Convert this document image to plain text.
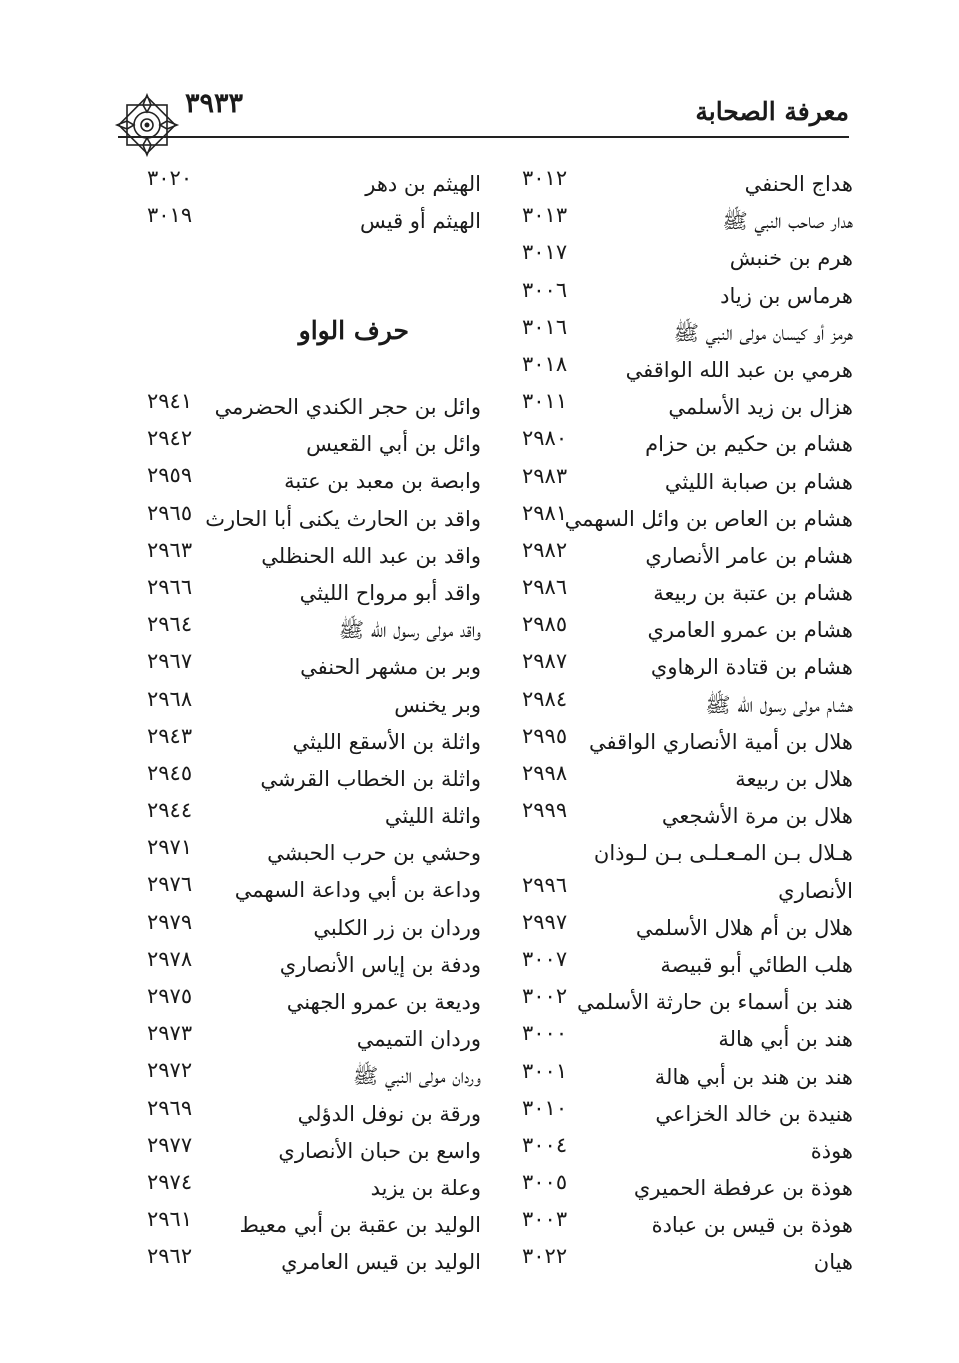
معرفة الصحابة
٣٩٣٣
هداج الحنفي
٣٠١٢
هدار صاحب النبي ﷺ
٣٠١٣
هرم بن خنبش
٣٠١٧
هرماس بن زياد
٣٠٠٦
هرمز أو كيسان مولى النبي ﷺ
٣٠١٦
هرمي بن عبد الله الواقفي
٣٠١٨
هزال بن زيد الأسلمي
٣٠١١
هشام بن حكيم بن حزام
٢٩٨٠
هشام بن صبابة الليثي
٢٩٨٣
هشام بن العاص بن وائل السهمي
٢٩٨١
هشام بن عامر الأنصاري
٢٩٨٢
هشام بن عتبة بن ربيعة
٢٩٨٦
هشام بن عمرو العامري
٢٩٨٥
هشام بن قتادة الرهاوي
٢٩٨٧
هشام مولى رسول الله ﷺ
٢٩٨٤
هلال بن أمية الأنصاري الواقفي
٢٩٩٥
هلال بن ربيعة
٢٩٩٨
هلال بن مرة الأشجعي
٢٩٩٩
هـلال بـن المـعـلـى بـن لـوذان
الأنصاري
٢٩٩٦
هلال بن أم هلال الأسلمي
٢٩٩٧
هلب الطائي أبو قبيصة
٣٠٠٧
هند بن أسماء بن حارثة الأسلمي
٣٠٠٢
هند بن أبي هالة
٣٠٠٠
هند بن هند بن أبي هالة
٣٠٠١
هنيدة بن خالد الخزاعي
٣٠١٠
هوذة
٣٠٠٤
هوذة بن عرفطة الحميري
٣٠٠٥
هوذة بن قيس بن عبادة
٣٠٠٣
هيان
٣٠٢٢
الهيثم بن دهر
٣٠٢٠
الهيثم أو قيس
٣٠١٩
حرف الواو
وائل بن حجر الكندي الحضرمي
٢٩٤١
وائل بن أبي القعيس
٢٩٤٢
وابصة بن معبد بن عتبة
٢٩٥٩
واقد بن الحارث يكنى أبا الحارث
٢٩٦٥
واقد بن عبد الله الحنظلي
٢٩٦٣
واقد أبو مرواح الليثي
٢٩٦٦
واقد مولى رسول الله ﷺ
٢٩٦٤
وبر بن مشهر الحنفي
٢٩٦٧
وبر يخنس
٢٩٦٨
واثلة بن الأسقع الليثي
٢٩٤٣
واثلة بن الخطاب القرشي
٢٩٤٥
واثلة الليثي
٢٩٤٤
وحشي بن حرب الحبشي
٢٩٧١
وداعة بن أبي وداعة السهمي
٢٩٧٦
وردان بن زر الكلبي
٢٩٧٩
ودفة بن إياس الأنصاري
٢٩٧٨
وديعة بن عمرو الجهني
٢٩٧٥
وردان التميمي
٢٩٧٣
وردان مولى النبي ﷺ
٢٩٧٢
ورقة بن نوفل الدؤلي
٢٩٦٩
واسع بن حبان الأنصاري
٢٩٧٧
وعلة بن يزيد
٢٩٧٤
الوليد بن عقبة بن أبي معيط
٢٩٦١
الوليد بن قيس العامري
٢٩٦٢
